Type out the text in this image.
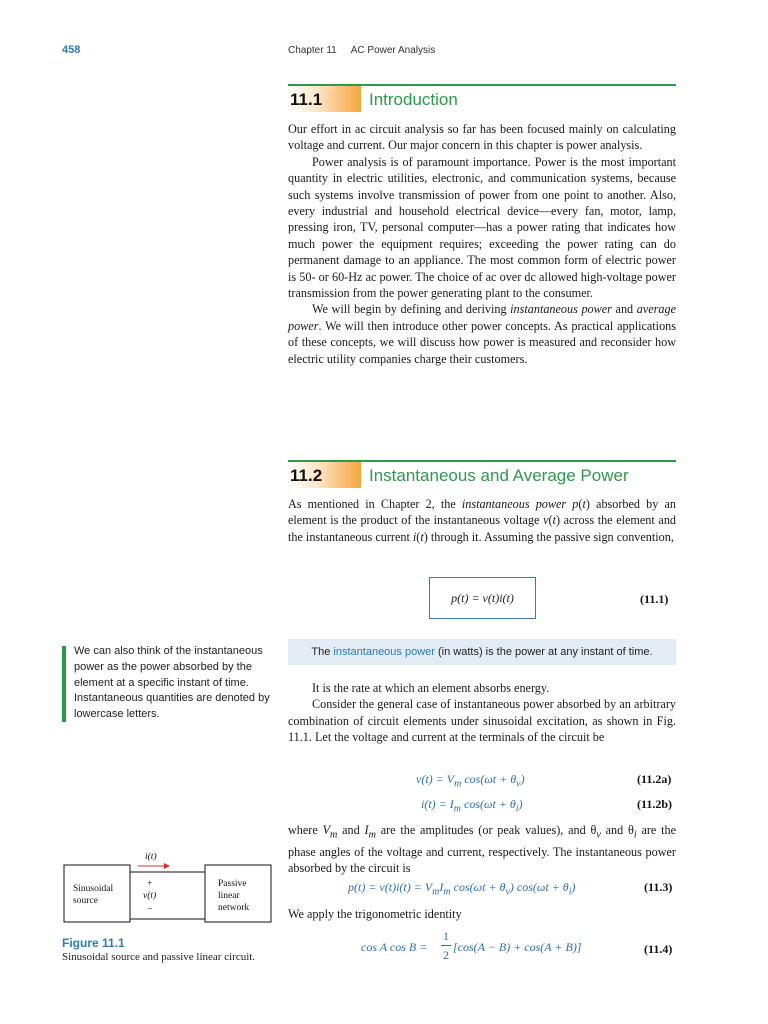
458	Chapter 11 AC Power Analysis
11.1	Introduction

Our effort in ac circuit analysis so far has been focused mainly on calculating voltage and current. Our major concern in this chapter is power analysis.

Power analysis is of paramount importance. Power is the most important quantity in electric utilities, electronic, and communication systems, because such systems involve transmission of power from one point to another. Also, every industrial and household electrical device—every fan, motor, lamp, pressing iron, TV, personal computer—has a power rating that indicates how much power the equipment requires; exceeding the power rating can do permanent damage to an appliance. The most common form of electric power is 50- or 60-Hz ac power. The choice of ac over dc allowed high-voltage power transmission from the power generating plant to the consumer.

We will begin by defining and deriving instantaneous power and average power. We will then introduce other power concepts. As practical applications of these concepts, we will discuss how power is measured and reconsider how electric utility companies charge their customers.

11.2	Instantaneous and Average Power

As mentioned in Chapter 2, the instantaneous power p(t) absorbed by an element is the product of the instantaneous voltage v(t) across the element and the instantaneous current i(t) through it. Assuming the passive sign convention,

p(t) = v(t)i(t)	(11.1)
The instantaneous power (in watts) is the power at any instant of time.
We can also think of the instantaneous power as the power absorbed by the element at a specific instant of time. Instantaneous quantities are denoted by lowercase letters.

It is the rate at which an element absorbs energy.

Consider the general case of instantaneous power absorbed by an arbitrary combination of circuit elements under sinusoidal excitation, as shown in Fig. 11.1. Let the voltage and current at the terminals of the circuit be

$v(t) = V_m$ $\cos(\omega t + \theta_v)$	(11.2a)
$i(t) = I_m$ $\cos(\omega t + \theta_i)$	(11.2b)

where $V_m$ and $I_m$ are the amplitudes (or peak values), and $\theta_v$ and $\theta_i$ are the phase angles of the voltage and current, respectively. The instantaneous power absorbed by the circuit is

$p(t) = v(t)i(t) = V_mI_m$ $\cos(\omega t + \theta_v)$ $\cos(\omega t + \theta_i)$	(11.3)

We apply the trigonometric identity

cos A cos B =
1
2
[cos(A − B) + cos(A + B)]	(11.4)
Sinusoidal
source
Passive
linear
network
i(t)
+
v(t)
−
Figure 11.1
Sinusoidal source and passive linear circuit.
